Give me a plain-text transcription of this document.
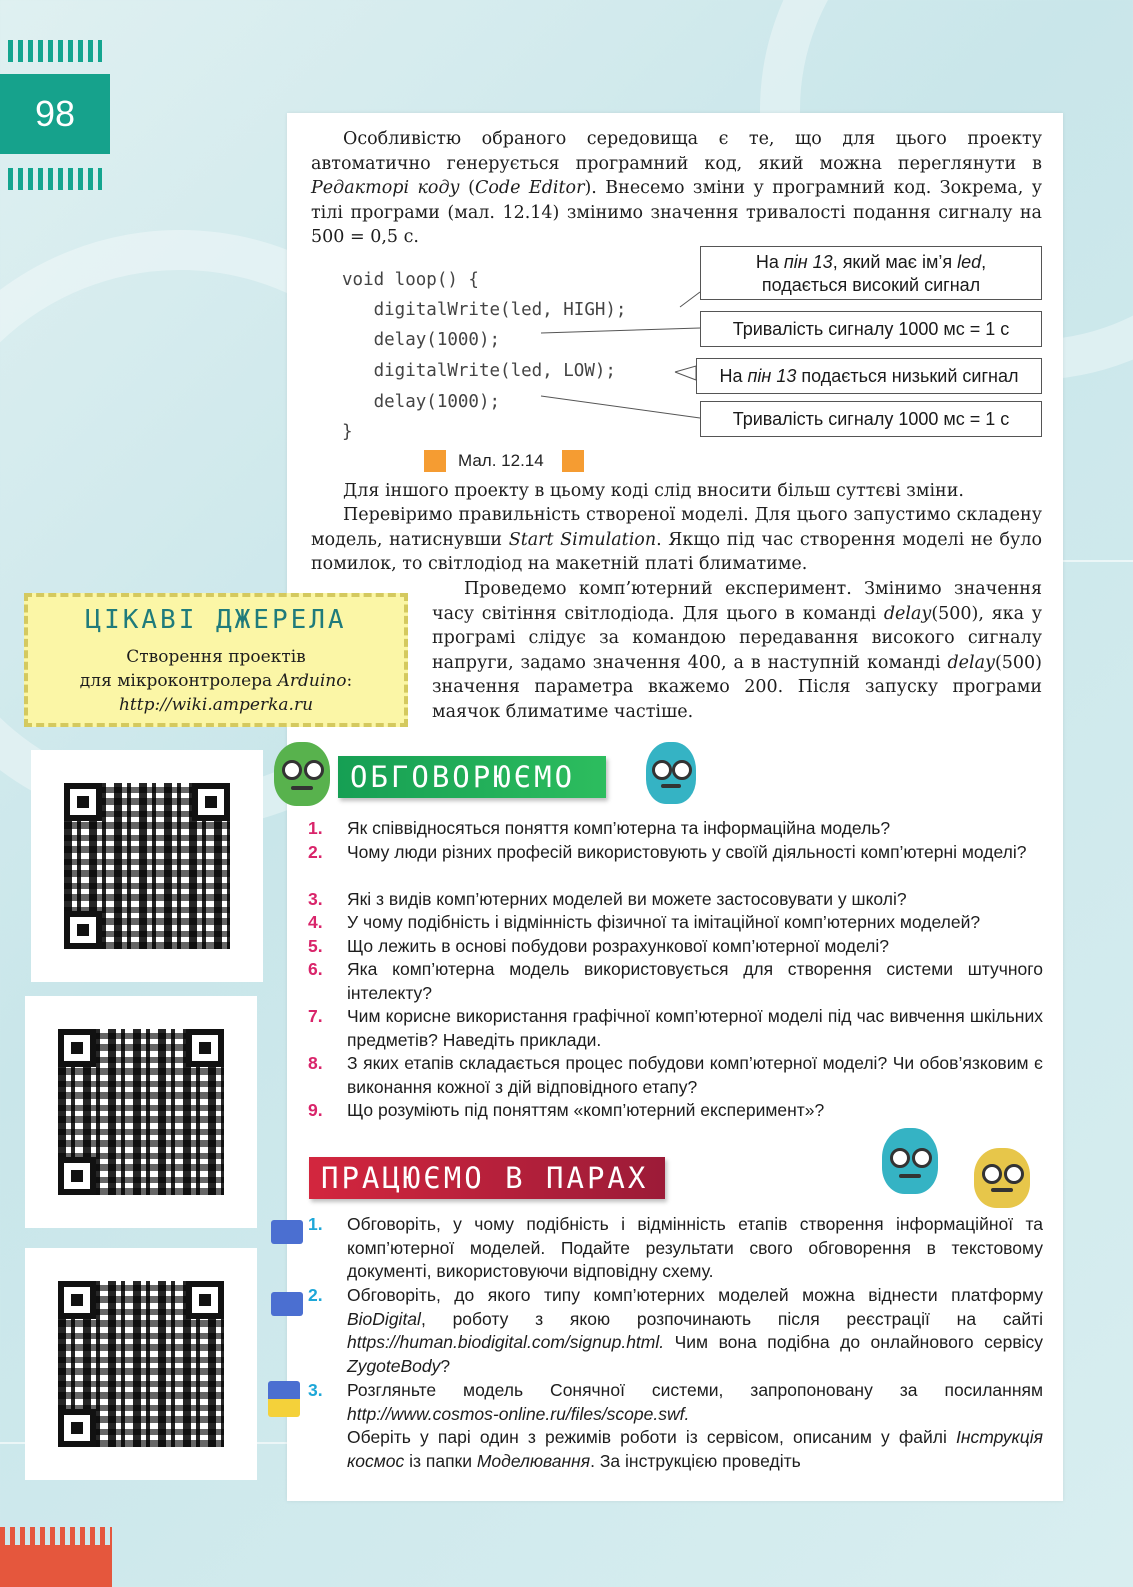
98
Особливістю обраного середовища є те, що для цього проекту автоматично генерується програмний код, який можна переглянути в Редакторі коду (Code Editor). Внесемо зміни у програмний код. Зокрема, у тілі програми (мал. 12.14) змінимо значення тривалості подання сигналу на 500 = 0,5 с.
void loop() {
digitalWrite(led, HIGH);
delay(1000);
digitalWrite(led, LOW);
delay(1000);
}
На пін 13, який має ім’я led,
подається високий сигнал
Тривалість сигналу 1000 мс = 1 с
На пін 13 подається низький сигнал
Тривалість сигналу 1000 мс = 1 с
Мал. 12.14
Для іншого проекту в цьому коді слід вносити більш суттєві зміни.
Перевіримо правильність створеної моделі. Для цього запустимо складену модель, натиснувши Start Simulation. Якщо під час створення моделі не було помилок, то світлодіод на макетній платі блиматиме.
Проведемо комп’ютерний експеримент. Змінимо значення часу світіння світлодіода. Для цього в команді delay(500), яка у програмі слідує за командою передавання високого сигналу напруги, задамо значення 400, а в наступній команді delay(500) значення параметра вкажемо 200. Після запуску програми маячок блиматиме частіше.
ЦІКАВІ ДЖЕРЕЛА
Створення проектів
для мікроконтролера Arduino:
http://wiki.amperka.ru
ОБГОВОРЮЄМО
1. Як співвідносяться поняття комп’ютерна та інформаційна модель?
2. Чому люди різних професій використовують у своїй діяльності комп’ютерні моделі?
3. Які з видів комп’ютерних моделей ви можете застосовувати у школі?
4. У чому подібність і відмінність фізичної та імітаційної комп’ютерних моделей?
5. Що лежить в основі побудови розрахункової комп’ютерної моделі?
6. Яка комп’ютерна модель використовується для створення системи штучного інтелекту?
7. Чим корисне використання графічної комп’ютерної моделі під час вивчення шкільних предметів? Наведіть приклади.
8. З яких етапів складається процес побудови комп’ютерної моделі? Чи обов’язковим є виконання кожної з дій відповідного етапу?
9. Що розуміють під поняттям «комп’ютерний експеримент»?
ПРАЦЮЄМО В ПАРАХ
1. Обговоріть, у чому подібність і відмінність етапів створення інформаційної та комп’ютерної моделей. Подайте результати свого обговорення в текстовому документі, використовуючи відповідну схему.
2. Обговоріть, до якого типу комп’ютерних моделей можна віднести платформу BioDigital, роботу з якою розпочинають після реєстрації на сайті https://human.biodigital.com/signup.html. Чим вона подібна до онлайнового сервісу ZygoteBody?
3. Розгляньте модель Сонячної системи, запропоновану за посиланням http://www.cosmos-online.ru/files/scope.swf.
Оберіть у парі один з режимів роботи із сервісом, описаним у файлі Інструкція космос із папки Моделювання. За інструкцією проведіть
